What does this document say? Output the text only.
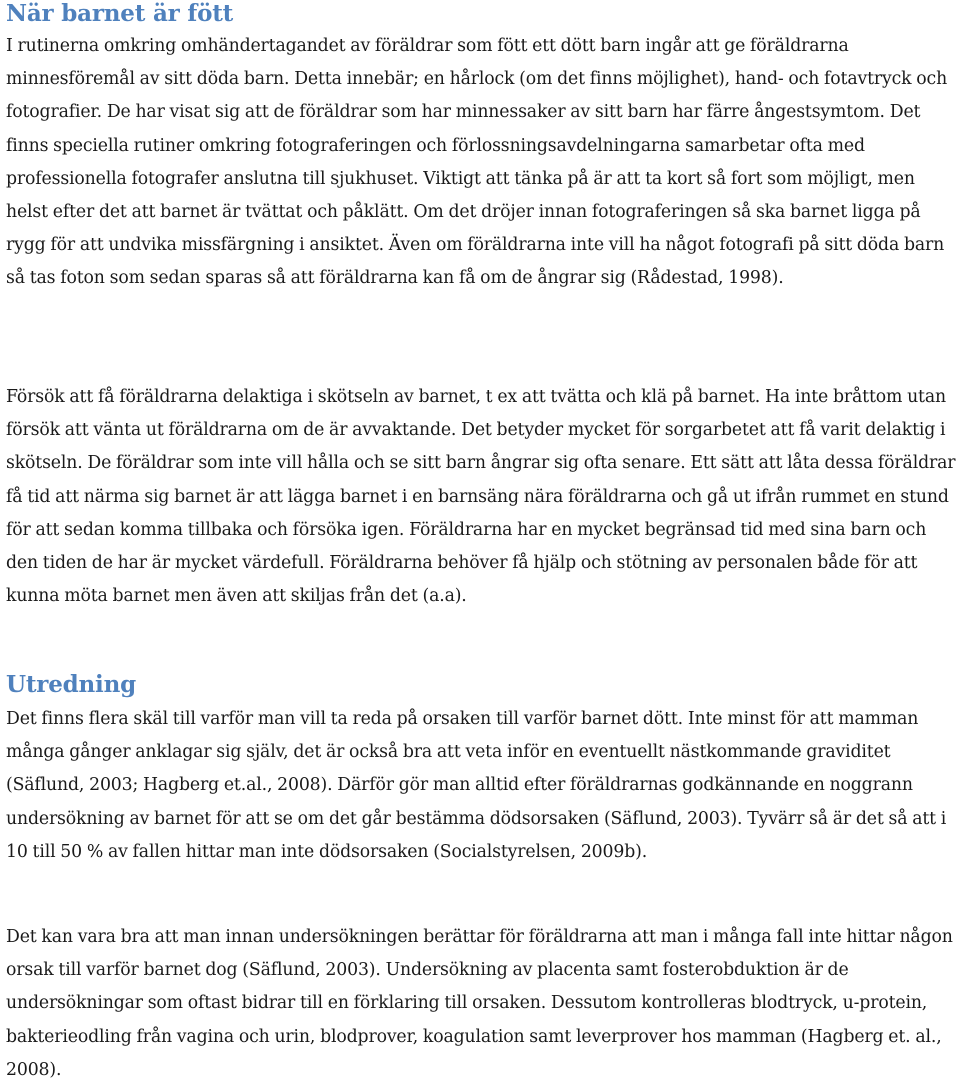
När barnet är fött

I rutinerna omkring omhändertagandet av föräldrar som fött ett dött barn ingår att ge föräldrarna minnesföremål av sitt döda barn. Detta innebär; en hårlock (om det finns möjlighet), hand- och fotavtryck och fotografier. De har visat sig att de föräldrar som har minnessaker av sitt barn har färre ångestsymtom. Det finns speciella rutiner omkring fotograferingen och förlossningsavdelningarna samarbetar ofta med professionella fotografer anslutna till sjukhuset. Viktigt att tänka på är att ta kort så fort som möjligt, men helst efter det att barnet är tvättat och påklätt. Om det dröjer innan fotograferingen så ska barnet ligga på rygg för att undvika missfärgning i ansiktet. Även om föräldrarna inte vill ha något fotografi på sitt döda barn så tas foton som sedan sparas så att föräldrarna kan få om de ångrar sig (Rådestad, 1998).

Försök att få föräldrarna delaktiga i skötseln av barnet, t ex att tvätta och klä på barnet. Ha inte bråttom utan försök att vänta ut föräldrarna om de är avvaktande. Det betyder mycket för sorgarbetet att få varit delaktig i skötseln. De föräldrar som inte vill hålla och se sitt barn ångrar sig ofta senare. Ett sätt att låta dessa föräldrar få tid att närma sig barnet är att lägga barnet i en barnsäng nära föräldrarna och gå ut ifrån rummet en stund för att sedan komma tillbaka och försöka igen. Föräldrarna har en mycket begränsad tid med sina barn och den tiden de har är mycket värdefull. Föräldrarna behöver få hjälp och stötning av personalen både för att kunna möta barnet men även att skiljas från det (a.a).

Utredning

Det finns flera skäl till varför man vill ta reda på orsaken till varför barnet dött. Inte minst för att mamman många gånger anklagar sig själv, det är också bra att veta inför en eventuellt nästkommande graviditet (Säflund, 2003; Hagberg et.al., 2008). Därför gör man alltid efter föräldrarnas godkännande en noggrann undersökning av barnet för att se om det går bestämma dödsorsaken (Säflund, 2003). Tyvärr så är det så att i 10 till 50 % av fallen hittar man inte dödsorsaken (Socialstyrelsen, 2009b).

Det kan vara bra att man innan undersökningen berättar för föräldrarna att man i många fall inte hittar någon orsak till varför barnet dog (Säflund, 2003). Undersökning av placenta samt fosterobduktion är de undersökningar som oftast bidrar till en förklaring till orsaken. Dessutom kontrolleras blodtryck, u-protein, bakterieodling från vagina och urin, blodprover, koagulation samt leverprover hos mamman (Hagberg et. al., 2008).
